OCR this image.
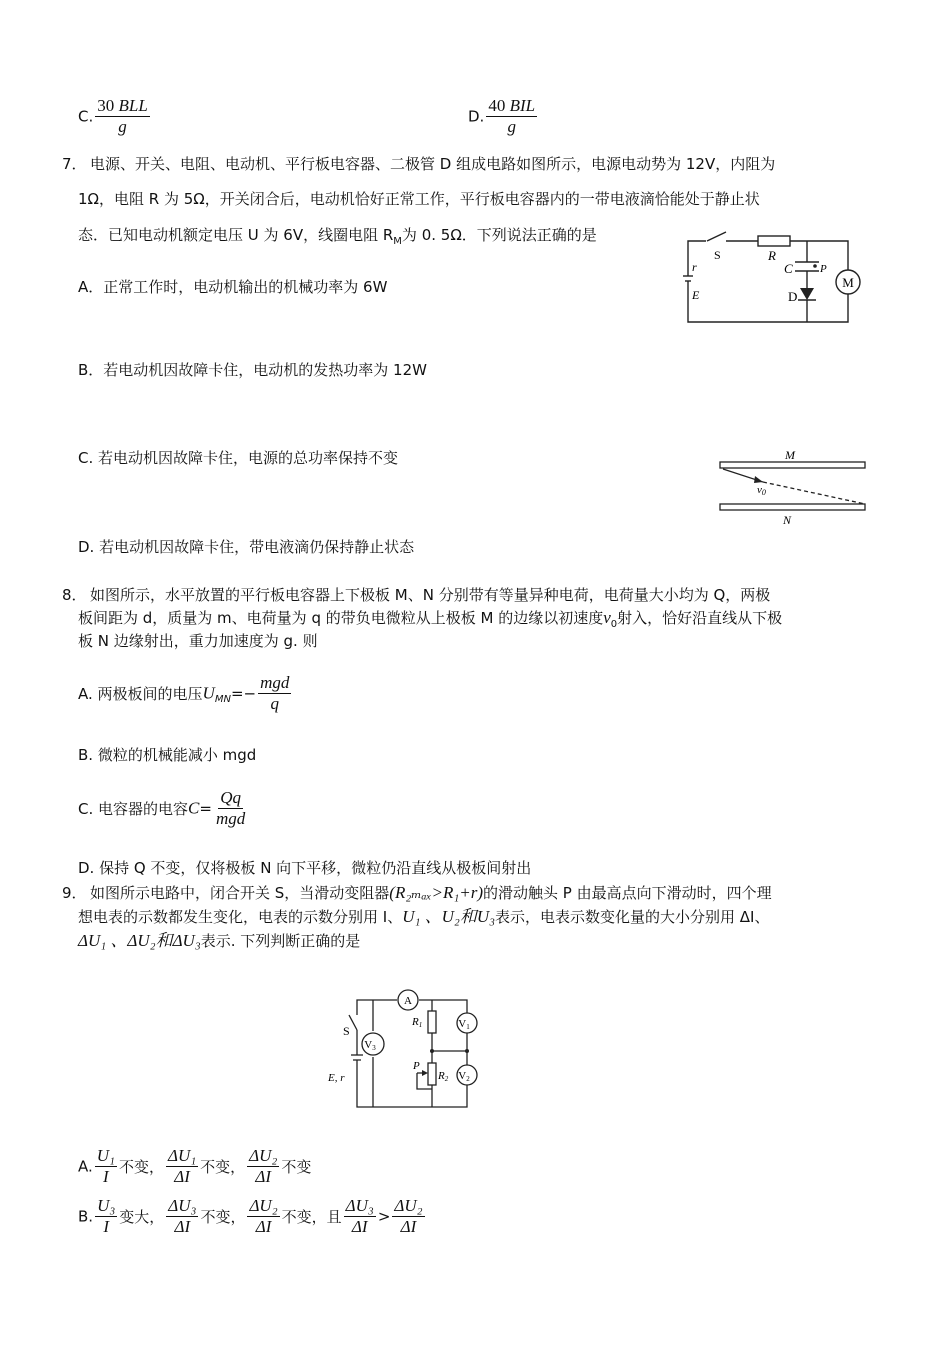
C. $\frac{\text{30 BLL}}{g}$	D. $\frac{\text{40 BIL}}{g}$
7． 电源、开关、电阻、电动机、平行板电容器、二极管 D 组成电路如图所示，电源电动势为 12V，内阻为
1Ω，电阻 R 为 5Ω，开关闭合后，电动机恰好正常工作，平行板电容器内的一带电液滴恰能处于静止状
态．已知电动机额定电压 U 为 6V，线圈电阻 $R_M$为 0. 5Ω．下列说法正确的是
A．正常工作时，电动机输出的机械功率为 6W
B．若电动机因故障卡住，电动机的发热功率为 12W
C. 若电动机因故障卡住，电源的总功率保持不变
D. 若电动机因故障卡住，带电液滴仍保持静止状态
M
S	R
C P
r
E	D
M
N
v0
8． 如图所示，水平放置的平行板电容器上下极板 M、N 分别带有等量异种电荷，电荷量大小均为 Q，两极
板间距为 d，质量为 m、电荷量为 q 的带负电微粒从上极板 M 的边缘以初速度$v_0$射入，恰好沿直线从下极
板 N 边缘射出，重力加速度为 g. 则
A. 两极板间的电压$U_{MN}=- \frac{\text{mgd}}{q}$
B. 微粒的机械能减小 mgd
C. 电容器的电容$C= \frac{Qq}{\text{mgd}}$
D. 保持 Q 不变，仅将极板 N 向下平移，微粒仍沿直线从极板间射出
9． 如图所示电路中，闭合开关 S，当滑动变阻器(R₂ₘₐₓ>R₁+r)的滑动触头 P 由最高点向下滑动时，四个理
想电表的示数都发生变化，电表的示数分别用 I、U₁ 、U₂和U₃表示，电表示数变化量的大小分别用 ΔI、
ΔU₁ 、ΔU₂和ΔU₃表示. 下列判断正确的是
A
V1
V3
V2
S
E, r
R1
R2
P
A. $\frac{\text{U₁}}{I}$ 不变， $\frac{\text{ΔU₁}}{\Delta I}$ 不变， $\frac{\text{ΔU₂}}{\Delta I}$ 不变
B. $\frac{\text{U₃}}{I}$ 变大， $\frac{\text{ΔU₃}}{\Delta I}$ 不变， $\frac{\text{ΔU₂}}{\Delta I}$ 不变，且 $\frac{\text{ΔU₃}}{\Delta I} > \frac{\text{ΔU₂}}{\Delta I}$
